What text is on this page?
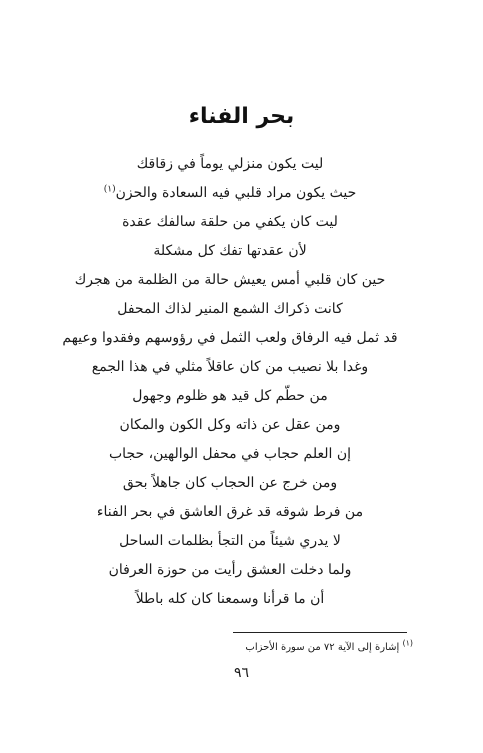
بحر الفناء
ليت يكون منزلي يوماً في زقاقك
حيث يكون مراد قلبي فيه السعادة والحزن$^{(١)}$
ليت كان يكفي من حلقة سالفك عقدة
لأن عقدتها تفك كل مشكلة
حين كان قلبي أمس يعيش حالة من الظلمة من هجرك
كانت ذكراك الشمع المنير لذاك المحفل
قد ثمل فيه الرفاق ولعب الثمل في رؤوسهم وفقدوا وعيهم
وغدا بلا نصيب من كان عاقلاً مثلي في هذا الجمع
من حطّم كل قيد هو ظلوم وجهول
ومن عقل عن ذاته وكل الكون والمكان
إن العلم حجاب في محفل الوالهين، حجاب
ومن خرج عن الحجاب كان جاهلاً بحق
من فرط شوقه قد غرق العاشق في بحر الفناء
لا يدري شيئاً من التجأ بظلمات الساحل
ولما دخلت العشق رأيت من حوزة العرفان
أن ما قرأنا وسمعنا كان كله باطلاً
$^{(١)}$ إشارة إلى الآية ٧٢ من سورة الأحزاب
٩٦
